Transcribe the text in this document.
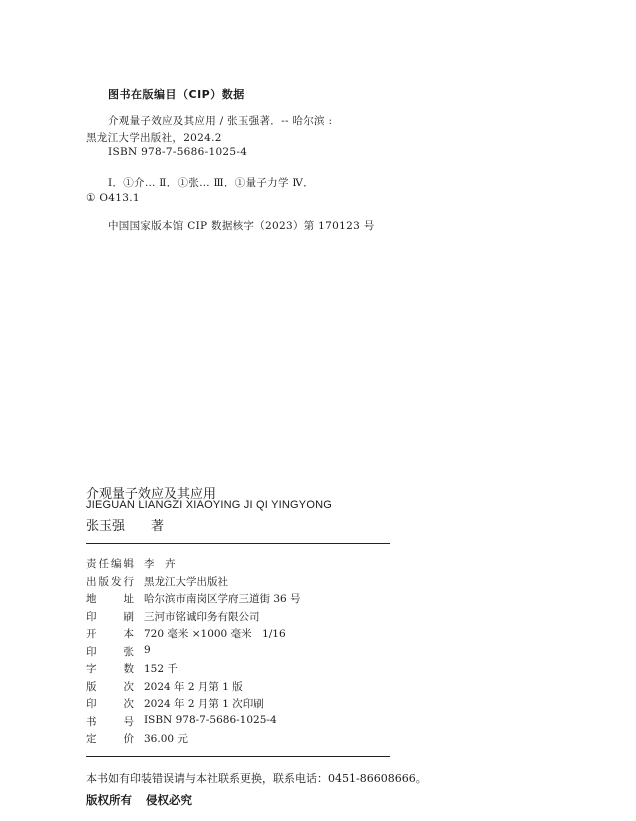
图书在版编目（CIP）数据
介观量子效应及其应用 / 张玉强著．-- 哈尔滨 :
黑龙江大学出版社，2024.2
ISBN 978-7-5686-1025-4
Ⅰ．①介… Ⅱ．①张… Ⅲ．①量子力学 Ⅳ．
① O413.1
中国国家版本馆 CIP 数据核字（2023）第 170123 号
介观量子效应及其应用
JIEGUAN LIANGZI XIAOYING JI QI YINGYONG
张玉强 著
责 任 编 辑 李　卉
出 版 发 行 黑龙江大学出版社
地	址 哈尔滨市南岗区学府三道街 36 号
印	刷 三河市铭诚印务有限公司
开	本 720 毫米 ×1000 毫米　1/16
印	张 9
字	数 152 千
版	次 2024 年 2 月第 1 版
印	次 2024 年 2 月第 1 次印刷
书	号 ISBN 978-7-5686-1025-4
定	价 36.00 元
本书如有印装错误请与本社联系更换，联系电话：0451-86608666。
版权所有 侵权必究
